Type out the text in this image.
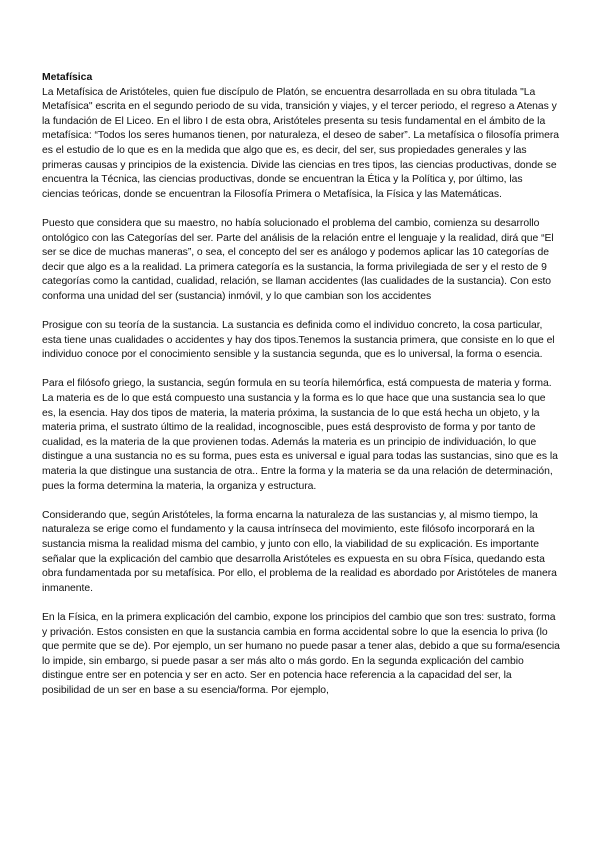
Metafísica

La Metafísica de Aristóteles, quien fue discípulo de Platón, se encuentra desarrollada en su obra titulada "La Metafísica" escrita en el segundo periodo de su vida, transición y viajes, y el tercer periodo, el regreso a Atenas y la fundación de El Liceo. En el libro I de esta obra, Aristóteles presenta su tesis fundamental en el ámbito de la metafísica: “Todos los seres humanos tienen, por naturaleza, el deseo de saber”. La metafísica o filosofía primera es el estudio de lo que es en la medida que algo que es, es decir, del ser, sus propiedades generales y las primeras causas y principios de la existencia. Divide las ciencias en tres tipos, las ciencias productivas, donde se encuentra la Técnica, las ciencias productivas, donde se encuentran la Ética y la Política y, por último, las ciencias teóricas, donde se encuentran la Filosofía Primera o Metafísica, la Física y las Matemáticas.

Puesto que considera que su maestro, no había solucionado el problema del cambio, comienza su desarrollo ontológico con las Categorías del ser. Parte del análisis de la relación entre el lenguaje y la realidad, dirá que “El ser se dice de muchas maneras”, o sea, el concepto del ser es análogo y podemos aplicar las 10 categorías de decir que algo es a la realidad. La primera categoría es la sustancia, la forma privilegiada de ser y el resto de 9 categorías como la cantidad, cualidad, relación, se llaman accidentes (las cualidades de la sustancia). Con esto conforma una unidad del ser (sustancia) inmóvil, y lo que cambian son los accidentes

Prosigue con su teoría de la sustancia. La sustancia es definida como el individuo concreto, la cosa particular, esta tiene unas cualidades o accidentes y hay dos tipos.Tenemos la sustancia primera, que consiste en lo que el individuo conoce por el conocimiento sensible y la sustancia segunda, que es lo universal, la forma o esencia.

Para el filósofo griego, la sustancia, según formula en su teoría hilemórfica, está compuesta de materia y forma. La materia es de lo que está compuesto una sustancia y la forma es lo que hace que una sustancia sea lo que es, la esencia. Hay dos tipos de materia, la materia próxima, la sustancia de lo que está hecha un objeto, y la materia prima, el sustrato último de la realidad, incognoscible, pues está desprovisto de forma y por tanto de cualidad, es la materia de la que provienen todas. Además la materia es un principio de individuación, lo que distingue a una sustancia no es su forma, pues esta es universal e igual para todas las sustancias, sino que es la materia la que distingue una sustancia de otra.. Entre la forma y la materia se da una relación de determinación, pues la forma determina la materia, la organiza y estructura.

Considerando que, según Aristóteles, la forma encarna la naturaleza de las sustancias y, al mismo tiempo, la naturaleza se erige como el fundamento y la causa intrínseca del movimiento, este filósofo incorporará en la sustancia misma la realidad misma del cambio, y junto con ello, la viabilidad de su explicación. Es importante señalar que la explicación del cambio que desarrolla Aristóteles es expuesta en su obra Física, quedando esta obra fundamentada por su metafísica. Por ello, el problema de la realidad es abordado por Aristóteles de manera inmanente.

En la Física, en la primera explicación del cambio, expone los principios del cambio que son tres: sustrato, forma y privación. Estos consisten en que la sustancia cambia en forma accidental sobre lo que la esencia lo priva (lo que permite que se de). Por ejemplo, un ser humano no puede pasar a tener alas, debido a que su forma/esencia lo impide, sin embargo, si puede pasar a ser más alto o más gordo. En la segunda explicación del cambio distingue entre ser en potencia y ser en acto. Ser en potencia hace referencia a la capacidad del ser, la posibilidad de un ser en base a su esencia/forma. Por ejemplo,
